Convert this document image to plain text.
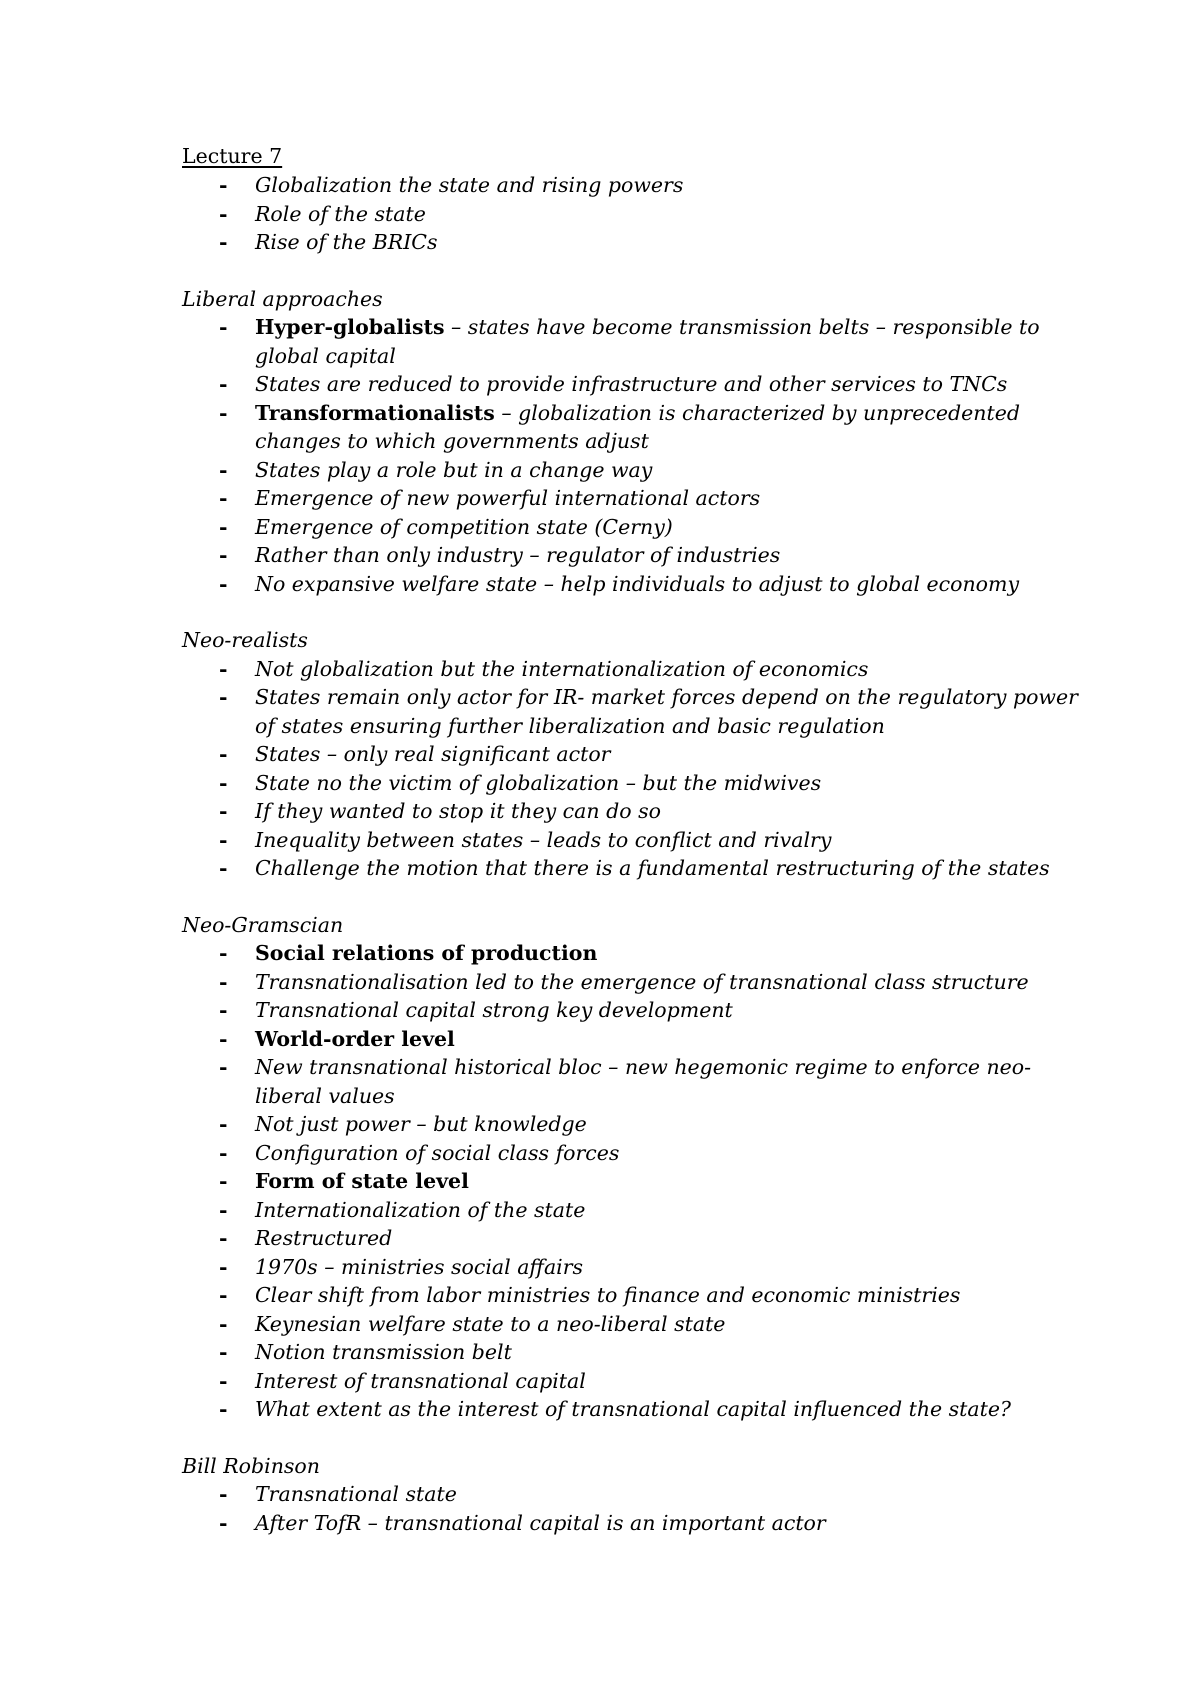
Lecture 7
- Globalization the state and rising powers
- Role of the state
- Rise of the BRICs
Liberal approaches
- Hyper-globalists – states have become transmission belts – responsible to global capital
- States are reduced to provide infrastructure and other services to TNCs
- Transformationalists – globalization is characterized by unprecedented changes to which governments adjust
- States play a role but in a change way
- Emergence of new powerful international actors
- Emergence of competition state (Cerny)
- Rather than only industry – regulator of industries
- No expansive welfare state – help individuals to adjust to global economy
Neo-realists
- Not globalization but the internationalization of economics
- States remain only actor for IR- market forces depend on the regulatory power of states ensuring further liberalization and basic regulation
- States – only real significant actor
- State no the victim of globalization – but the midwives
- If they wanted to stop it they can do so
- Inequality between states – leads to conflict and rivalry
- Challenge the motion that there is a fundamental restructuring of the states
Neo-Gramscian
- Social relations of production
- Transnationalisation led to the emergence of transnational class structure
- Transnational capital strong key development
- World-order level
- New transnational historical bloc – new hegemonic regime to enforce neo-liberal values
- Not just power – but knowledge
- Configuration of social class forces
- Form of state level
- Internationalization of the state
- Restructured
- 1970s – ministries social affairs
- Clear shift from labor ministries to finance and economic ministries
- Keynesian welfare state to a neo-liberal state
- Notion transmission belt
- Interest of transnational capital
- What extent as the interest of transnational capital influenced the state?
Bill Robinson
- Transnational state
- After TofR – transnational capital is an important actor
